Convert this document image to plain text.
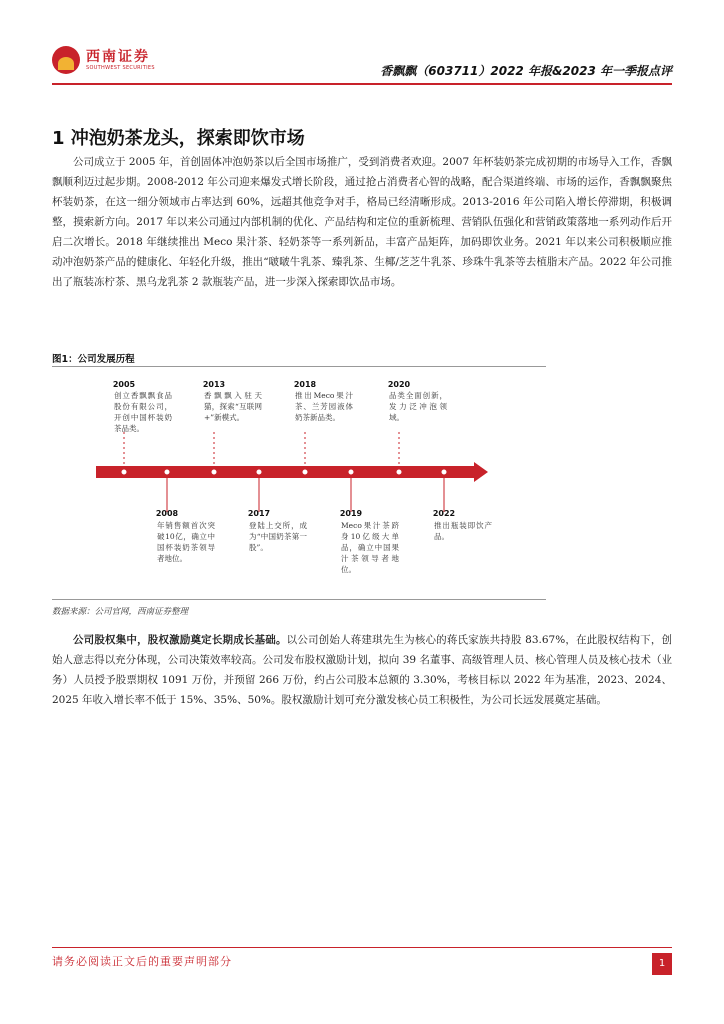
西南证券
SOUTHWEST SECURITIES	香飘飘（603711）2022 年报&2023 年一季报点评
1 冲泡奶茶龙头，探索即饮市场

公司成立于 2005 年，首创固体冲泡奶茶以后全国市场推广，受到消费者欢迎。2007 年杯装奶茶完成初期的市场导入工作，香飘飘顺利迈过起步期。2008-2012 年公司迎来爆发式增长阶段，通过抢占消费者心智的战略，配合渠道终端、市场的运作，香飘飘聚焦杯装奶茶，在这一细分领域市占率达到 60%，远超其他竞争对手，格局已经清晰形成。2013-2016 年公司陷入增长停滞期，积极调整，摸索新方向。2017 年以来公司通过内部机制的优化、产品结构和定位的重新梳理、营销队伍强化和营销政策落地一系列动作后开启二次增长。2018 年继续推出 Meco 果汁茶、轻奶茶等一系列新品，丰富产品矩阵，加码即饮业务。2021 年以来公司积极顺应推动冲泡奶茶产品的健康化、年轻化升级，推出“啵啵牛乳茶、臻乳茶、生椰/芝芝牛乳茶、珍珠牛乳茶等去植脂末产品。2022 年公司推出了瓶装冻柠茶、黑乌龙乳茶 2 款瓶装产品，进一步深入探索即饮品市场。

图1：公司发展历程
2005
创立香飘飘食品股份有限公司，开创中国杯装奶茶品类。
2008
年销售额首次突破10亿，确立中国杯装奶茶领导者地位。
2013
香飘飘入驻天猫，探索“互联网+”新模式。
2017
登陆上交所，成为“中国奶茶第一股”。
2018
推出Meco果汁茶、兰芳园液体奶茶新品类。
2019
Meco果汁茶跻身10亿级大单品，确立中国果汁茶领导者地位。
2020
品类全面创新，发力泛冲泡领域。
2022
推出瓶装即饮产品。
数据来源：公司官网，西南证券整理

公司股权集中，股权激励奠定长期成长基础。以公司创始人蒋建琪先生为核心的蒋氏家族共持股 83.67%，在此股权结构下，创始人意志得以充分体现，公司决策效率较高。公司发布股权激励计划，拟向 39 名董事、高级管理人员、核心管理人员及核心技术（业务）人员授予股票期权 1091 万份，并预留 266 万份，约占公司股本总额的 3.30%，考核目标以 2022 年为基准，2023、2024、2025 年收入增长率不低于 15%、35%、50%。股权激励计划可充分激发核心员工积极性，为公司长远发展奠定基础。

请务必阅读正文后的重要声明部分	1
